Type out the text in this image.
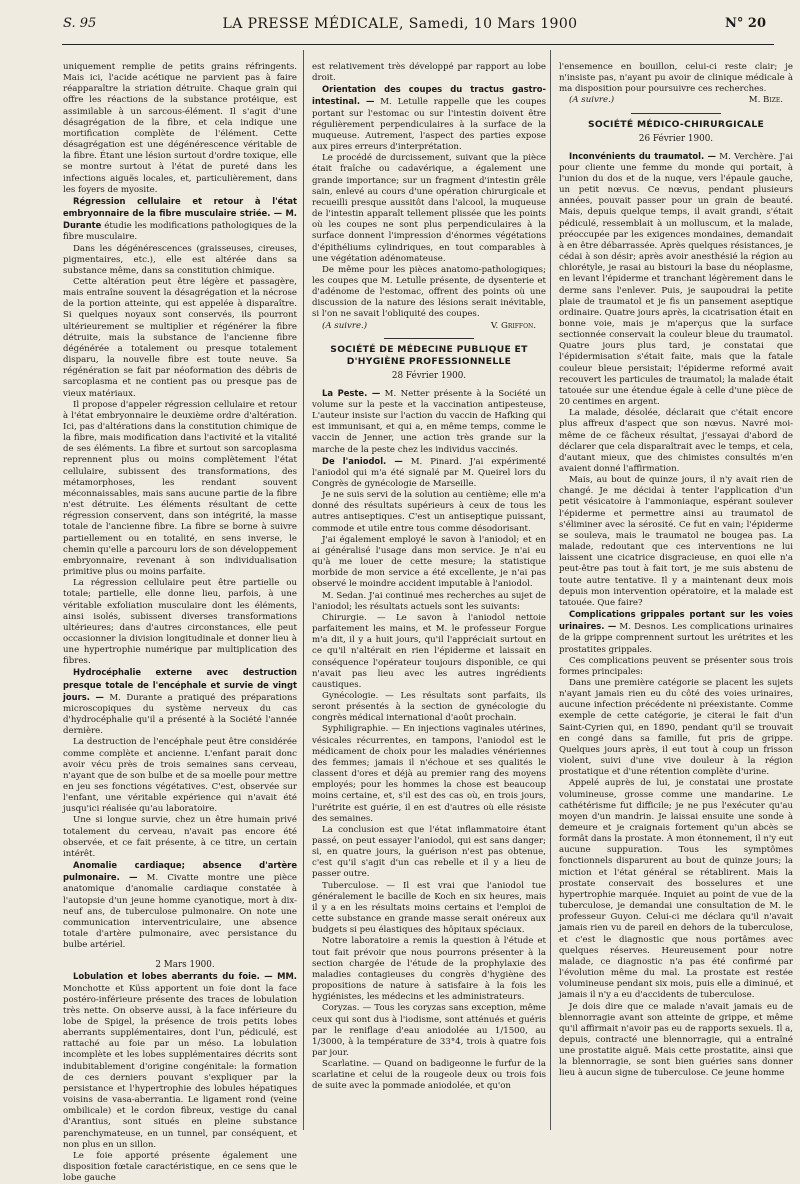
S. 95	LA PRESSE MÉDICALE, Samedi, 10 Mars 1900	N° 20

uniquement remplie de petits grains réfringents. Mais ici, l'acide acétique ne parvient pas à faire réapparaître la striation détruite. Chaque grain qui offre les réactions de la substance protéique, est assimilable à un sarcous-élément. Il s'agit d'une désagrégation de la fibre, et cela indique une mortification complète de l'élément. Cette désagrégation est une dégénérescence véritable de la fibre. Étant une lésion surtout d'ordre toxique, elle se montre surtout à l'état de pureté dans les infections aiguës locales, et, particulièrement, dans les foyers de myosite.

Régression cellulaire et retour à l'état embryonnaire de la fibre musculaire striée. — M. Durante étudie les modifications pathologiques de la fibre musculaire.

Dans les dégénérescences (graisseuses, cireuses, pigmentaires, etc.), elle est altérée dans sa substance même, dans sa constitution chimique.

Cette altération peut être légère et passagère, mais entraîne souvent la désagrégation et la nécrose de la portion atteinte, qui est appelée à disparaître. Si quelques noyaux sont conservés, ils pourront ultérieurement se multiplier et régénérer la fibre détruite, mais la substance de l'ancienne fibre dégénérée a totalement ou presque totalement disparu, la nouvelle fibre est toute neuve. Sa régénération se fait par néoformation des débris de sarcoplasma et ne contient pas ou presque pas de vieux matériaux.

Il propose d'appeler régression cellulaire et retour à l'état embryonnaire le deuxième ordre d'altération. Ici, pas d'altérations dans la constitution chimique de la fibre, mais modification dans l'activité et la vitalité de ses éléments. La fibre et surtout son sarcoplasma reprennent plus ou moins complètement l'état cellulaire, subissent des transformations, des métamorphoses, les rendant souvent méconnaissables, mais sans aucune partie de la fibre n'est détruite. Les éléments résultant de cette régression conservent, dans son intégrité, la masse totale de l'ancienne fibre. La fibre se borne à suivre partiellement ou en totalité, en sens inverse, le chemin qu'elle a parcouru lors de son développement embryonnaire, revenant à son individualisation primitive plus ou moins parfaite.

La régression cellulaire peut être partielle ou totale; partielle, elle donne lieu, parfois, à une véritable exfoliation musculaire dont les éléments, ainsi isolés, subissent diverses transformations ultérieures; dans d'autres circonstances, elle peut occasionner la division longitudinale et donner lieu à une hypertrophie numérique par multiplication des fibres.

Hydrocéphalie externe avec destruction presque totale de l'encéphale et survie de vingt jours. — M. Durante a pratiqué des préparations microscopiques du système nerveux du cas d'hydrocéphalie qu'il a présenté à la Société l'année dernière.

La destruction de l'encéphale peut être considérée comme complète et ancienne. L'enfant parait donc avoir vécu près de trois semaines sans cerveau, n'ayant que de son bulbe et de sa moelle pour mettre en jeu ses fonctions végétatives. C'est, observée sur l'enfant, une véritable expérience qui n'avait été jusqu'ici réalisée qu'au laboratoire.

Une si longue survie, chez un être humain privé totalement du cerveau, n'avait pas encore été observée, et ce fait présente, à ce titre, un certain intérêt.

Anomalie cardiaque; absence d'artère pulmonaire. — M. Civatte montre une pièce anatomique d'anomalie cardiaque constatée à l'autopsie d'un jeune homme cyanotique, mort à dix-neuf ans, de tuberculose pulmonaire. On note une communication interventriculaire, une absence totale d'artère pulmonaire, avec persistance du bulbe artériel.

2 Mars 1900.

Lobulation et lobes aberrants du foie. — MM. Monchotte et Küss apportent un foie dont la face postéro-inférieure présente des traces de lobulation très nette. On observe aussi, à la face inférieure du lobe de Spigel, la présence de trois petits lobes aberrants supplémentaires, dont l'un, pédiculé, est rattaché au foie par un méso. La lobulation incomplète et les lobes supplémentaires décrits sont indubitablement d'origine congénitale: la formation de ces derniers pouvant s'expliquer par la persistance et l'hypertrophie des lobules hépatiques voisins de vasa-aberrantia. Le ligament rond (veine ombilicale) et le cordon fibreux, vestige du canal d'Arantius, sont situés en pleine substance parenchymateuse, en un tunnel, par conséquent, et non plus en un sillon.

Le foie apporté présente également une disposition fœtale caractéristique, en ce sens que le lobe gauche

est relativement très développé par rapport au lobe droit.

Orientation des coupes du tractus gastro-intestinal. — M. Letulle rappelle que les coupes portant sur l'estomac ou sur l'intestin doivent être régulièrement perpendiculaires à la surface de la muqueuse. Autrement, l'aspect des parties expose aux pires erreurs d'interprétation.

Le procédé de durcissement, suivant que la pièce était fraîche ou cadavérique, a également une grande importance; sur un fragment d'intestin grêle sain, enlevé au cours d'une opération chirurgicale et recueilli presque aussitôt dans l'alcool, la muqueuse de l'intestin apparaît tellement plissée que les points où les coupes ne sont plus perpendiculaires à la surface donnent l'impression d'énormes végétations d'épithéliums cylindriques, en tout comparables à une végétation adénomateuse.

De même pour les pièces anatomo-pathologiques; les coupes que M. Letulle présente, de dysenterie et d'adénome de l'estomac, offrent des points où une discussion de la nature des lésions serait inévitable, si l'on ne savait l'obliquité des coupes.

(A suivre.)	V. Griffon.
SOCIÉTÉ DE MÉDECINE PUBLIQUE ET D'HYGIÈNE PROFESSIONNELLE
28 Février 1900.

La Peste. — M. Netter présente à la Société un volume sur la peste et la vaccination antipesteuse, L'auteur insiste sur l'action du vaccin de Hafking qui est immunisant, et qui a, en même temps, comme le vaccin de Jenner, une action très grande sur la marche de la peste chez les individus vaccinés.

De l'aniodol. — M. Pinard. J'ai expérimenté l'aniodol qui m'a été signalé par M. Queirel lors du Congrès de gynécologie de Marseille.

Je ne suis servi de la solution au centième; elle m'a donné des résultats supérieurs à ceux de tous les autres antiseptiques. C'est un antiseptique puissant, commode et utile entre tous comme désodorisant.

J'ai également employé le savon à l'aniodol; et en ai généralisé l'usage dans mon service. Je n'ai eu qu'à me louer de cette mesure; la statistique morbide de mon service a été excellente, je n'ai pas observé le moindre accident imputable à l'aniodol.

M. Sedan. J'ai continué mes recherches au sujet de l'aniodol; les résultats actuels sont les suivants:

Chirurgie. — Le savon à l'aniodol nettoie parfaitement les mains, et M. le professeur Forgue m'a dit, il y a huit jours, qu'il l'appréciait surtout en ce qu'il n'altérait en rien l'épiderme et laissait en conséquence l'opérateur toujours disponible, ce qui n'avait pas lieu avec les autres ingrédients caustiques.

Gynécologie. — Les résultats sont parfaits, ils seront présentés à la section de gynécologie du congrès médical international d'août prochain.

Syphiligraphie. — En injections vaginales utérines, vésicales récurrentes, en tampons, l'aniodol est le médicament de choix pour les maladies vénériennes des femmes; jamais il n'échoue et ses qualités le classent d'ores et déjà au premier rang des moyens employés; pour les hommes la chose est beaucoup moins certaine, et, s'il est des cas où, en trois jours, l'urétrite est guérie, il en est d'autres où elle résiste des semaines.

La conclusion est que l'état inflammatoire étant passé, on peut essayer l'aniodol, qui est sans danger; si, en quatre jours, la guérison n'est pas obtenue, c'est qu'il s'agit d'un cas rebelle et il y a lieu de passer outre.

Tuberculose. — Il est vrai que l'aniodol tue généralement le bacille de Koch en six heures, mais il y a en les résultats moins certains et l'emploi de cette substance en grande masse serait onéreux aux budgets si peu élastiques des hôpitaux spéciaux.

Notre laboratoire a remis la question à l'étude et tout fait prévoir que nous pourrons présenter à la section chargée de l'étude de la prophylaxie des maladies contagieuses du congrès d'hygiène des propositions de nature à satisfaire à la fois les hygiénistes, les médecins et les administrateurs.

Coryzas. — Tous les coryzas sans exception, même ceux qui sont dus à l'iodisme, sont atténués et guéris par le reniflage d'eau aniodolée au 1/1500, au 1/3000, à la température de 33°4, trois à quatre fois par jour.

Scarlatine. — Quand on badigeonne le furfur de la scarlatine et celui de la rougeole deux ou trois fois de suite avec la pommade aniodolée, et qu'on

l'ensemence en bouillon, celui-ci reste clair; je n'insiste pas, n'ayant pu avoir de clinique médicale à ma disposition pour poursuivre ces recherches.

(A suivre.)	M. Bize.
SOCIÉTÉ MÉDICO-CHIRURGICALE
26 Février 1900.

Inconvénients du traumatol. — M. Verchère. J'ai pour cliente une femme du monde qui portait, à l'union du dos et de la nuque, vers l'épaule gauche, un petit nœvus. Ce nœvus, pendant plusieurs années, pouvait passer pour un grain de beauté. Mais, depuis quelque temps, il avait grandi, s'était pédiculé, ressemblait à un molluscum, et la malade, préoccupée par les exigences mondaines, demandait à en être débarrassée. Après quelques résistances, je cédai à son désir; après avoir anesthésié la région au chlorétyle, je rasai au bistouri la base du néoplasme, en levant l'épiderme et tranchant légèrement dans le derme sans l'enlever. Puis, je saupoudrai la petite plaie de traumatol et je fis un pansement aseptique ordinaire. Quatre jours après, la cicatrisation était en bonne voie, mais je m'aperçus que la surface sectionnée conservait la couleur bleue du traumatol. Quatre jours plus tard, je constatai que l'épidermisation s'était faite, mais que la fatale couleur bleue persistait; l'épiderme reformé avait recouvert les particules de traumatol; la malade était tatouée sur une étendue égale à celle d'une pièce de 20 centimes en argent.

La malade, désolée, déclarait que c'était encore plus affreux d'aspect que son nœvus. Navré moi-même de ce fâcheux résultat, j'essayai d'abord de déclarer que cela disparaîtrait avec le temps, et cela, d'autant mieux, que des chimistes consultés m'en avaient donné l'affirmation.

Mais, au bout de quinze jours, il n'y avait rien de changé. Je me décidai à tenter l'application d'un petit vésicatoire à l'ammoniaque, espérant soulever l'épiderme et permettre ainsi au traumatol de s'éliminer avec la sérosité. Ce fut en vain; l'épiderme se souleva, mais le traumatol ne bougea pas. La malade, redoutant que ces interventions ne lui laissent une cicatrice disgracieuse, en quoi elle n'a peut-être pas tout à fait tort, je me suis abstenu de toute autre tentative. Il y a maintenant deux mois depuis mon intervention opératoire, et la malade est tatouée. Que faire?

Complications grippales portant sur les voies urinaires. — M. Desnos. Les complications urinaires de la grippe comprennent surtout les urétrites et les prostatites grippales.

Ces complications peuvent se présenter sous trois formes principales:

Dans une première catégorie se placent les sujets n'ayant jamais rien eu du côté des voies urinaires, aucune infection précédente ni préexistante. Comme exemple de cette catégorie, je citerai le fait d'un Saint-Cyrien qui, en 1890, pendant qu'il se trouvait en congé dans sa famille, fut pris de grippe. Quelques jours après, il eut tout à coup un frisson violent, suivi d'une vive douleur à la région prostatique et d'une rétention complète d'urine.

Appelé auprès de lui, je constatai une prostate volumineuse, grosse comme une mandarine. Le cathétérisme fut difficile; je ne pus l'exécuter qu'au moyen d'un mandrin. Je laissai ensuite une sonde à demeure et je craignais fortement qu'un abcès se formât dans la prostate. À mon étonnement, il n'y eut aucune suppuration. Tous les symptômes fonctionnels disparurent au bout de quinze jours; la miction et l'état général se rétablirent. Mais la prostate conservait des bosselures et une hypertrophie marquée. Inquiet au point de vue de la tuberculose, je demandai une consultation de M. le professeur Guyon. Celui-ci me déclara qu'il n'avait jamais rien vu de pareil en dehors de la tuberculose, et c'est le diagnostic que nous portâmes avec quelques réserves. Heureusement pour notre malade, ce diagnostic n'a pas été confirmé par l'évolution même du mal. La prostate est restée volumineuse pendant six mois, puis elle a diminué, et jamais il n'y a eu d'accidents de tuberculose.

Je dois dire que ce malade n'avait jamais eu de blennorragie avant son atteinte de grippe, et même qu'il affirmait n'avoir pas eu de rapports sexuels. Il a, depuis, contracté une blennorragie, qui a entraîné une prostatite aiguë. Mais cette prostatite, ainsi que la blennorragie, se sont bien guéries sans donner lieu à aucun signe de tuberculose. Ce jeune homme
